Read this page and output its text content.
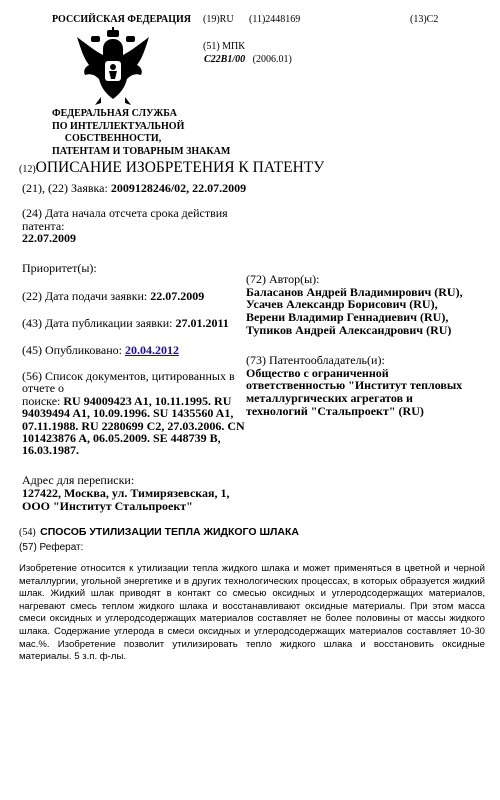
РОССИЙСКАЯ ФЕДЕРАЦИЯ
ФЕДЕРАЛЬНАЯ СЛУЖБА
ПО ИНТЕЛЛЕКТУАЛЬНОЙ
СОБСТВЕННОСТИ,
ПАТЕНТАМ И ТОВАРНЫМ ЗНАКАМ
(19)RU (11)2448169	(13)C2
(51) МПК
C22B1/00 (2006.01)
(12)ОПИСАНИЕ ИЗОБРЕТЕНИЯ К ПАТЕНТУ
(21), (22) Заявка: 2009128246/02, 22.07.2009
(24) Дата начала отсчета срока действия
патента:
22.07.2009
Приоритет(ы):
(22) Дата подачи заявки: 22.07.2009
(43) Дата публикации заявки: 27.01.2011
(45) Опубликовано: 20.04.2012
(56) Список документов, цитированных в
отчете о
поиске: RU 94009423 A1, 10.11.1995. RU
94039494 A1, 10.09.1996. SU 1435560 A1,
07.11.1988. RU 2280699 C2, 27.03.2006. CN
101423876 A, 06.05.2009. SE 448739 B,
16.03.1987.
Адрес для переписки:
127422, Москва, ул. Тимирязевская, 1,
ООО "Институт Стальпроект"
(72) Автор(ы):
Баласанов Андрей Владимирович (RU),
Усачев Александр Борисович (RU),
Верени Владимир Геннадиевич (RU),
Тупиков Андрей Александрович (RU)
(73) Патентообладатель(и):
Общество с ограниченной
ответственностью "Институт тепловых
металлургических агрегатов и
технологий "Стальпроект" (RU)
(54) СПОСОБ УТИЛИЗАЦИИ ТЕПЛА ЖИДКОГО ШЛАКА
(57) Реферат:
Изобретение относится к утилизации тепла жидкого шлака и может применяться в цветной и черной металлургии, угольной энергетике и в других технологических процессах, в которых образуется жидкий шлак. Жидкий шлак приводят в контакт со смесью оксидных и углеродсодержащих материалов, нагревают смесь теплом жидкого шлака и восстанавливают оксидные материалы. При этом масса смеси оксидных и углеродсодержащих материалов составляет не более половины от массы жидкого шлака. Содержание углерода в смеси оксидных и углеродсодержащих материалов составляет 10-30 мас.%. Изобретение позволит утилизировать тепло жидкого шлака и восстановить оксидные материалы. 5 з.п. ф-лы.
